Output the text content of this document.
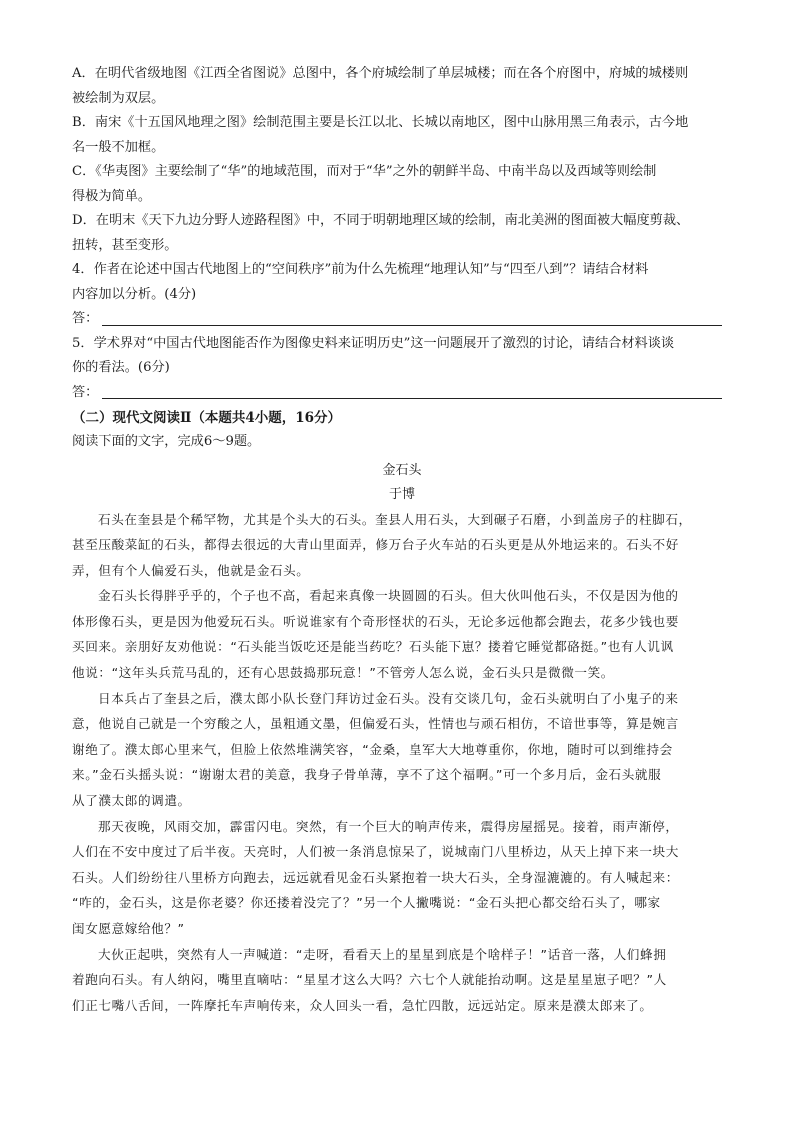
A．在明代省级地图《江西全省图说》总图中，各个府城绘制了单层城楼；而在各个府图中，府城的城楼则
被绘制为双层。
B．南宋《十五国风地理之图》绘制范围主要是长江以北、长城以南地区，图中山脉用黑三角表示，古今地
名一般不加框。
C．《华夷图》主要绘制了“华”的地域范围，而对于“华”之外的朝鲜半岛、中南半岛以及西域等则绘制
得极为简单。
D．在明末《天下九边分野人迹路程图》中，不同于明朝地理区域的绘制，南北美洲的图面被大幅度剪裁、
扭转，甚至变形。
4．作者在论述中国古代地图上的“空间秩序”前为什么先梳理“地理认知”与“四至八到”？请结合材料
内容加以分析。(4分)
答：
5．学术界对“中国古代地图能否作为图像史料来证明历史”这一问题展开了激烈的讨论，请结合材料谈谈
你的看法。(6分)
答：
（二）现代文阅读Ⅱ（本题共4小题，16分）
阅读下面的文字，完成6～9题。
金石头
于博

石头在奎县是个稀罕物，尤其是个头大的石头。奎县人用石头，大到碾子石磨，小到盖房子的柱脚石，
甚至压酸菜缸的石头，都得去很远的大青山里面弄，修万台子火车站的石头更是从外地运来的。石头不好
弄，但有个人偏爱石头，他就是金石头。

金石头长得胖乎乎的，个子也不高，看起来真像一块圆圆的石头。但大伙叫他石头，不仅是因为他的
体形像石头，更是因为他爱玩石头。听说谁家有个奇形怪状的石头，无论多远他都会跑去，花多少钱也要
买回来。亲朋好友劝他说：“石头能当饭吃还是能当药吃？石头能下崽？搂着它睡觉都硌挺。”也有人讥讽
他说：“这年头兵荒马乱的，还有心思鼓捣那玩意！”不管旁人怎么说，金石头只是微微一笑。

日本兵占了奎县之后，濮太郎小队长登门拜访过金石头。没有交谈几句，金石头就明白了小鬼子的来
意，他说自己就是一个穷酸之人，虽粗通文墨，但偏爱石头，性情也与顽石相仿，不谙世事等，算是婉言
谢绝了。濮太郎心里来气，但脸上依然堆满笑容，“金桑，皇军大大地尊重你，你地，随时可以到维持会
来。”金石头摇头说：“谢谢太君的美意，我身子骨单薄，享不了这个福啊。”可一个多月后，金石头就服
从了濮太郎的调遣。

那天夜晚，风雨交加，霹雷闪电。突然，有一个巨大的响声传来，震得房屋摇晃。接着，雨声渐停，
人们在不安中度过了后半夜。天亮时，人们被一条消息惊呆了，说城南门八里桥边，从天上掉下来一块大
石头。人们纷纷往八里桥方向跑去，远远就看见金石头紧抱着一块大石头，全身湿漉漉的。有人喊起来：
“咋的，金石头，这是你老婆？你还搂着没完了？”另一个人撇嘴说：“金石头把心都交给石头了，哪家
闺女愿意嫁给他？”

大伙正起哄，突然有人一声喊道：“走呀，看看天上的星星到底是个啥样子！”话音一落，人们蜂拥
着跑向石头。有人纳闷，嘴里直嘀咕：“星星才这么大吗？六七个人就能抬动啊。这是星星崽子吧？”人
们正七嘴八舌间，一阵摩托车声响传来，众人回头一看，急忙四散，远远站定。原来是濮太郎来了。
